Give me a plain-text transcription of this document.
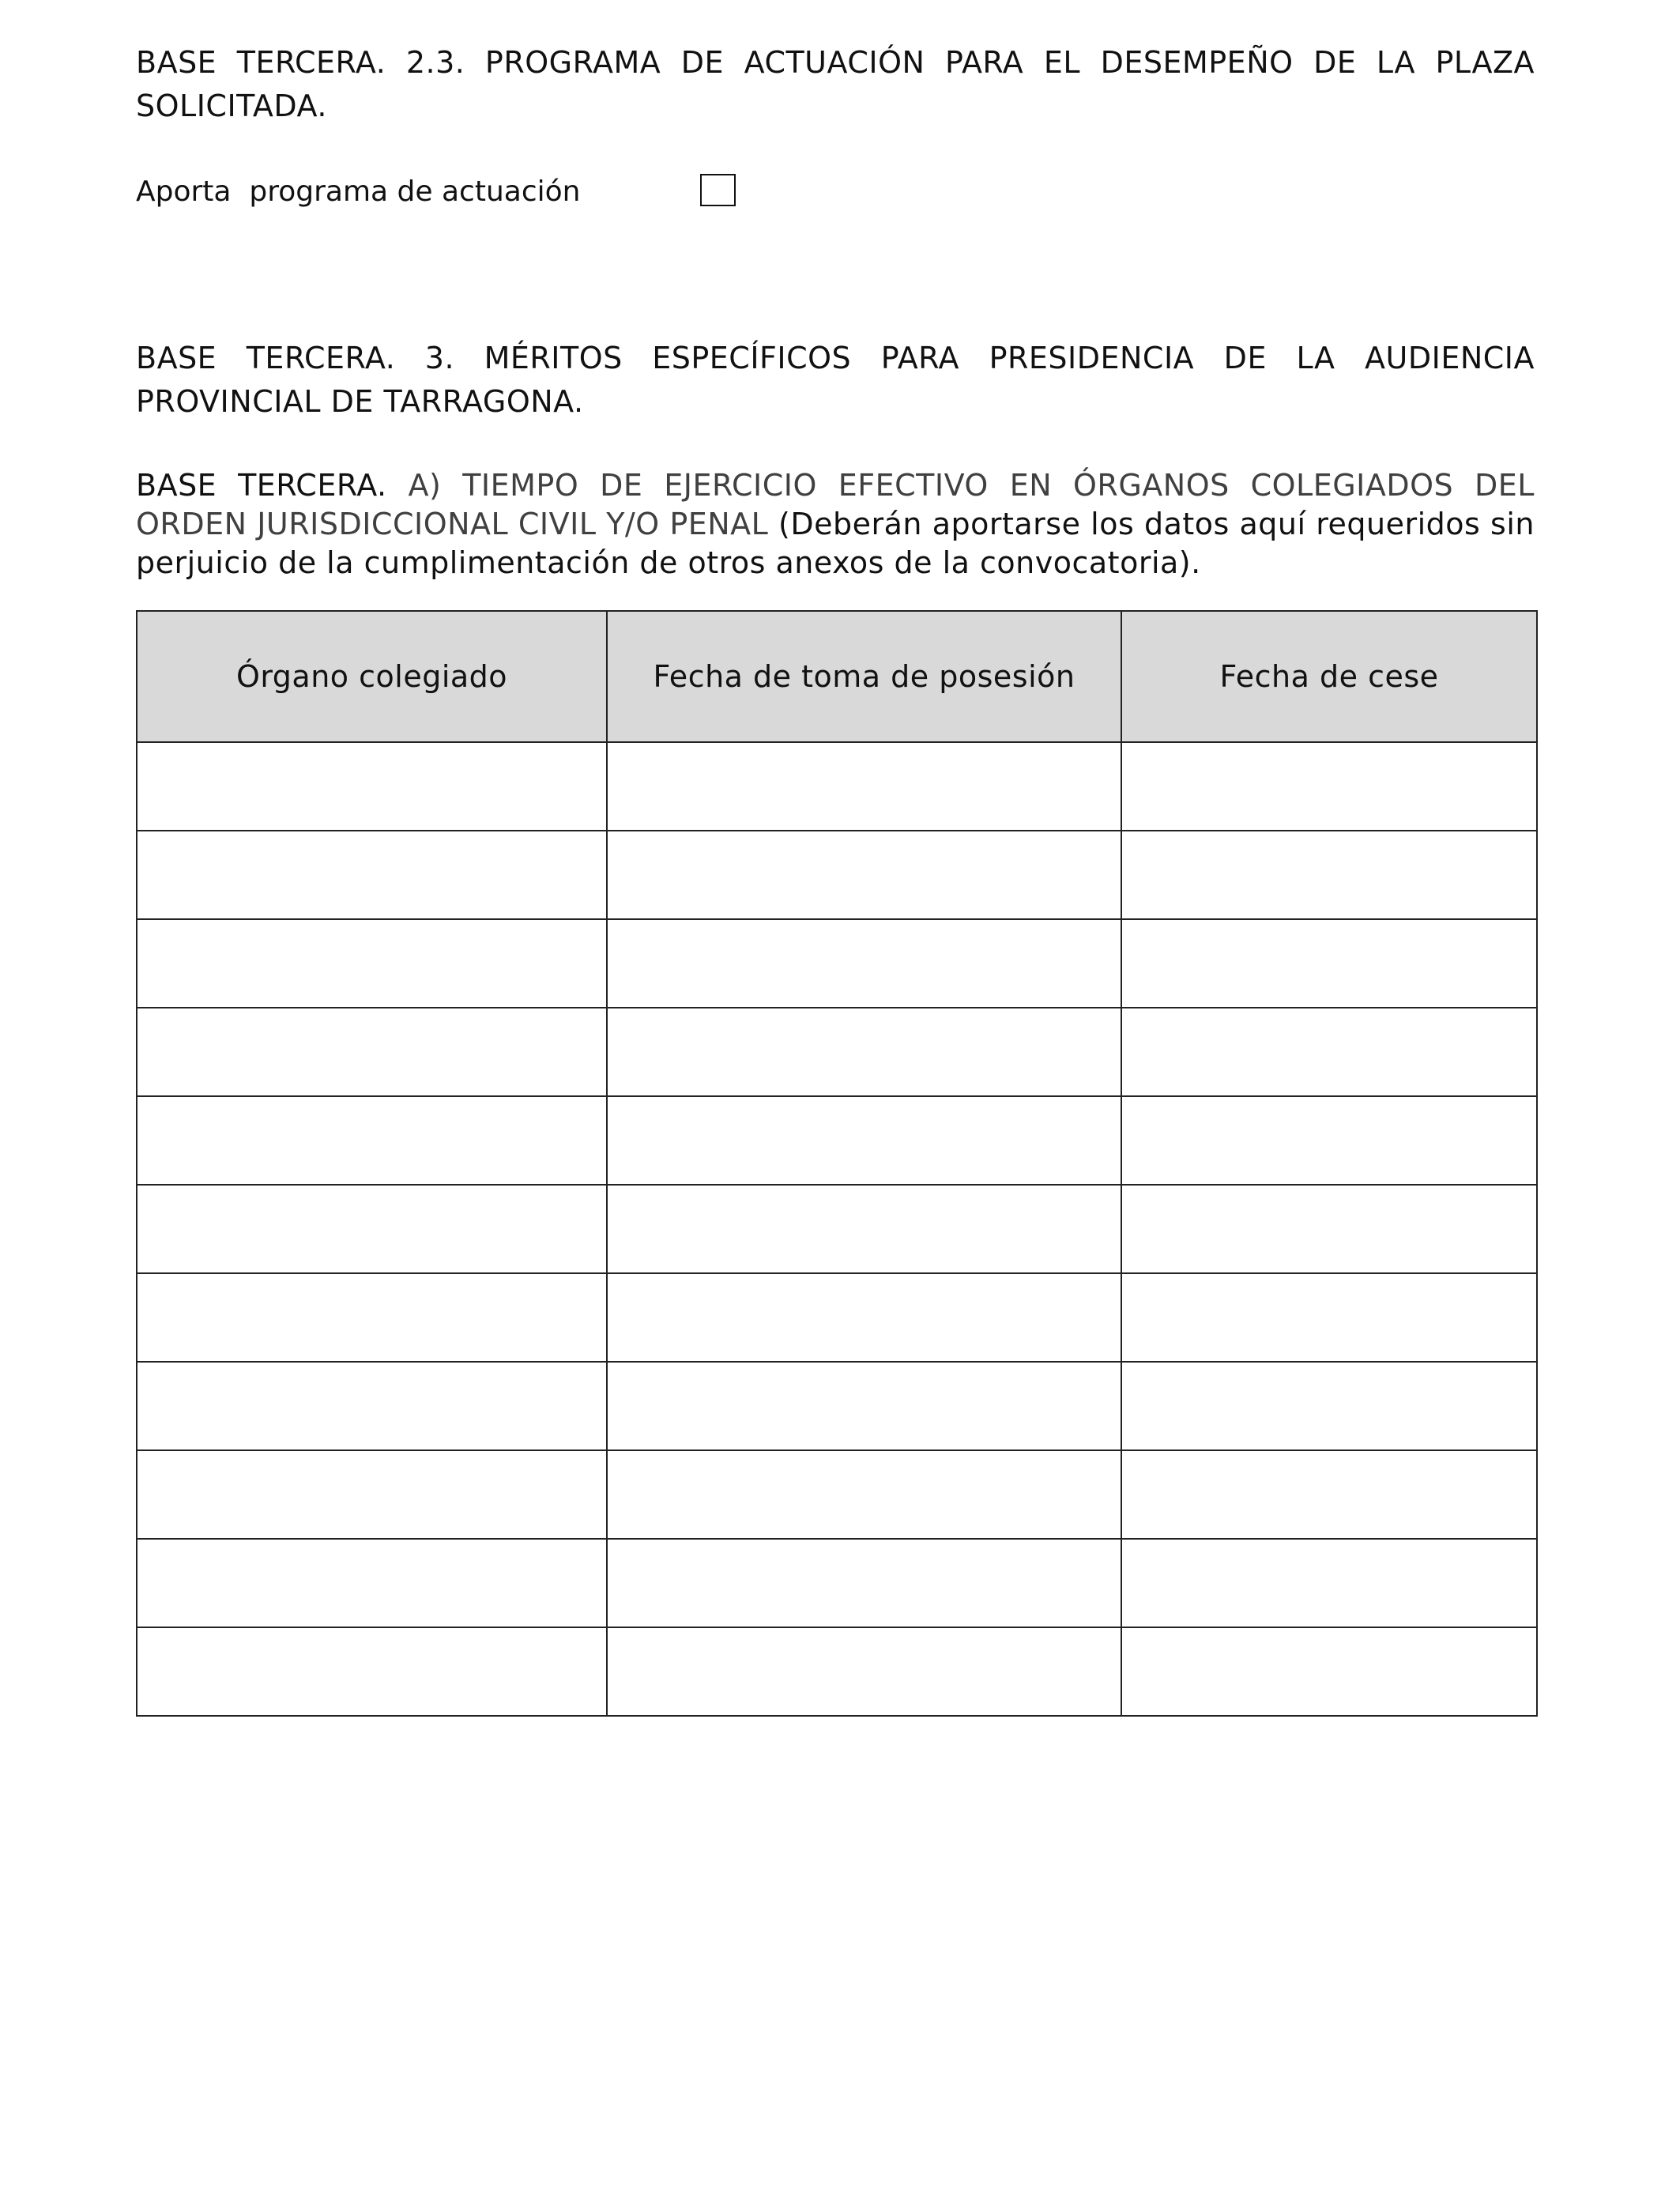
BASE TERCERA. 2.3. PROGRAMA DE ACTUACIÓN PARA EL DESEMPEÑO DE LA PLAZA SOLICITADA.

Aporta  programa de actuación

BASE TERCERA. 3. MÉRITOS ESPECÍFICOS PARA PRESIDENCIA DE LA AUDIENCIA PROVINCIAL DE TARRAGONA.

BASE TERCERA. A) TIEMPO DE EJERCICIO EFECTIVO EN ÓRGANOS COLEGIADOS DEL ORDEN JURISDICCIONAL CIVIL Y/O PENAL (Deberán aportarse los datos aquí requeridos sin perjuicio de la cumplimentación de otros anexos de la convocatoria).

Órgano colegiado	Fecha de toma de posesión	Fecha de cese
